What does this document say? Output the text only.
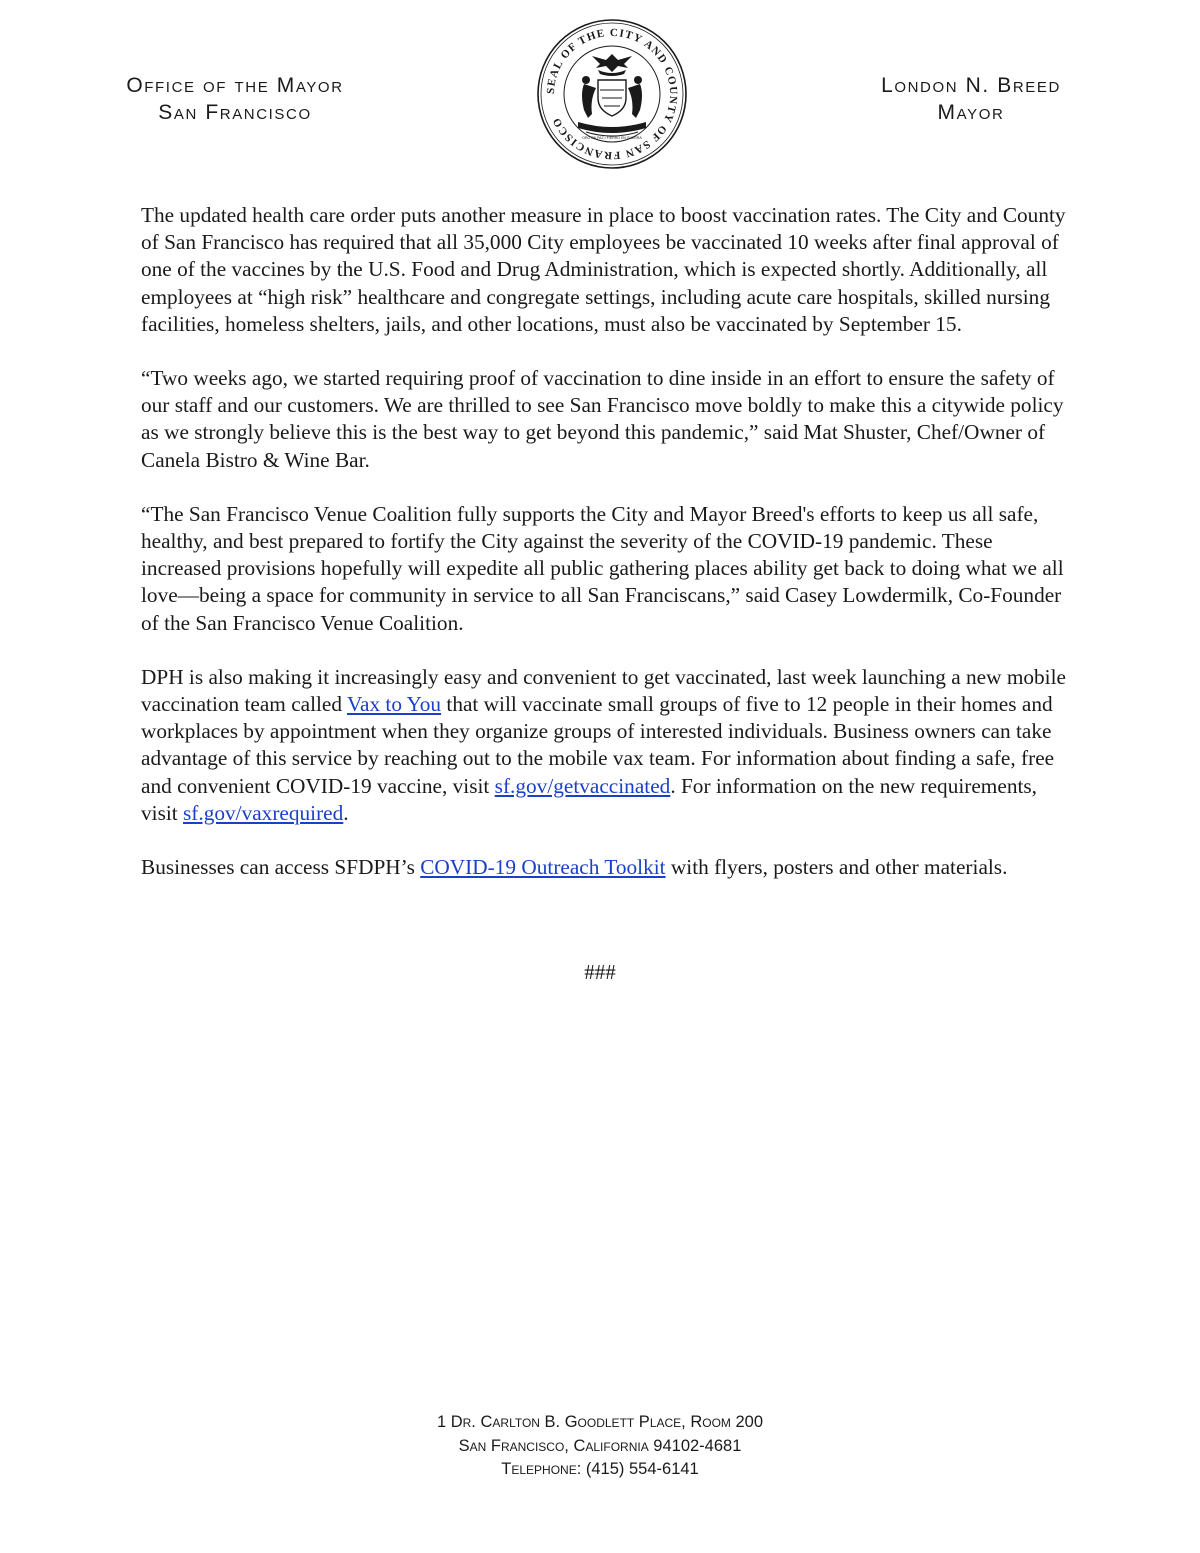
Office of the Mayor
San Francisco
SEAL OF THE CITY AND COUNTY OF SAN FRANCISCO
ORO EN PAZ • FIERRO EN GUERRA
London N. Breed
Mayor

The updated health care order puts another measure in place to boost vaccination rates. The City and County of San Francisco has required that all 35,000 City employees be vaccinated 10 weeks after final approval of one of the vaccines by the U.S. Food and Drug Administration, which is expected shortly. Additionally, all employees at “high risk” healthcare and congregate settings, including acute care hospitals, skilled nursing facilities, homeless shelters, jails, and other locations, must also be vaccinated by September 15.

“Two weeks ago, we started requiring proof of vaccination to dine inside in an effort to ensure the safety of our staff and our customers. We are thrilled to see San Francisco move boldly to make this a citywide policy as we strongly believe this is the best way to get beyond this pandemic,” said Mat Shuster, Chef/Owner of Canela Bistro & Wine Bar.

“The San Francisco Venue Coalition fully supports the City and Mayor Breed's efforts to keep us all safe, healthy, and best prepared to fortify the City against the severity of the COVID-19 pandemic. These increased provisions hopefully will expedite all public gathering places ability get back to doing what we all love—being a space for community in service to all San Franciscans,” said Casey Lowdermilk, Co-Founder of the San Francisco Venue Coalition.

DPH is also making it increasingly easy and convenient to get vaccinated, last week launching a new mobile vaccination team called Vax to You that will vaccinate small groups of five to 12 people in their homes and workplaces by appointment when they organize groups of interested individuals. Business owners can take advantage of this service by reaching out to the mobile vax team. For information about finding a safe, free and convenient COVID-19 vaccine, visit sf.gov/getvaccinated. For information on the new requirements, visit sf.gov/vaxrequired.

Businesses can access SFDPH’s COVID-19 Outreach Toolkit with flyers, posters and other materials.

###
1 Dr. Carlton B. Goodlett Place, Room 200
San Francisco, California 94102-4681
Telephone: (415) 554-6141
